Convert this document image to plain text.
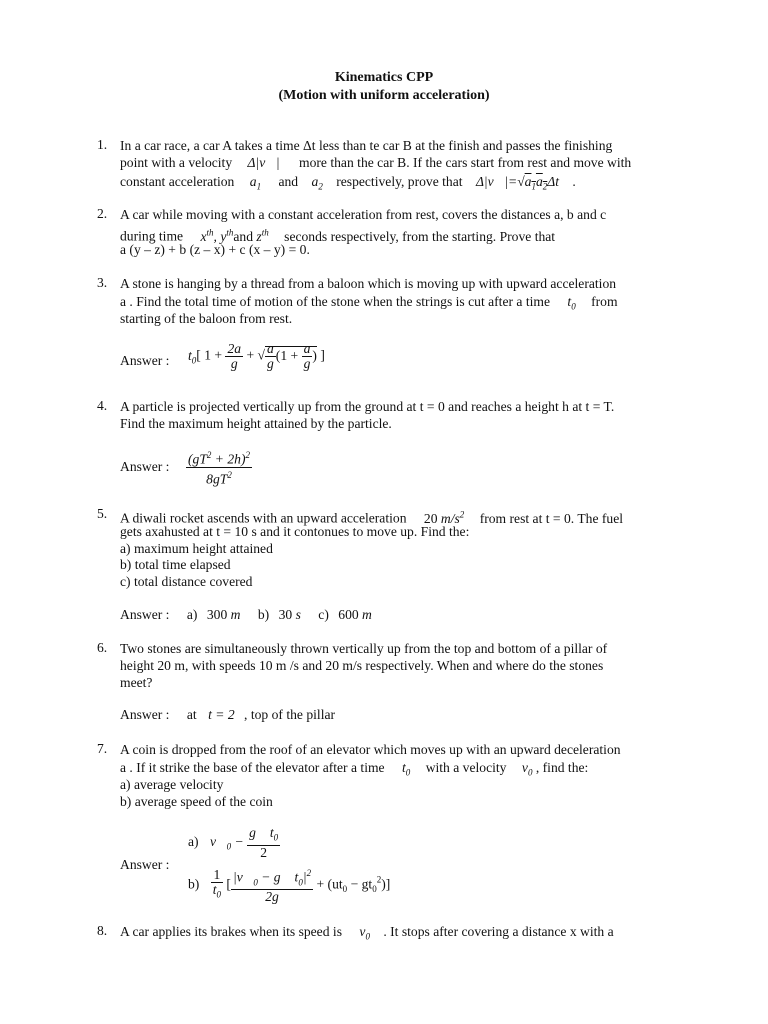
Kinematics CPP
(Motion with uniform acceleration)
1. In a car race, a car A takes a time Δt less than te car B at the finish and passes the finishing
point with a velocity Δ|v⃗| more than the car B. If the cars start from rest and move with
constant acceleration $a_1$ and $a_2$ respectively, prove that $\Delta|v⃗|=√a_1a_2\Delta t$ .
2. A car while moving with a constant acceleration from rest, covers the distances a, b and c
during time $x^{th}$, $y^{th}and$ $z^{th}$ seconds respectively, from the starting. Prove that
a (y – z) + b (z – x) + c (x – y) = 0.
3. A stone is hanging by a thread from a baloon which is moving up with upward acceleration
a . Find the total time of motion of the stone when the strings is cut after a time $t_0$ from
starting of the baloon from rest.
Answer : $t_0$[ $1 + \frac{2a}{g}$ + √ $\frac{a}{g} (1 + \frac{a}{g}$ ) ]
4. A particle is projected vertically up from the ground at t = 0 and reaches a height h at t = T.
Find the maximum height attained by the particle.
Answer : $\frac{(gT^2 + 2h)^2}{8gT^2}$
5. A diwali rocket ascends with an upward acceleration 20 $m/s^2$ from rest at t = 0. The fuel
gets axahusted at t = 10 s and it contonues to move up. Find the:
a) maximum height attained
b) total time elapsed
c) total distance covered
Answer : a) 300 m b) 30 s c) 600 m
6. Two stones are simultaneously thrown vertically up from the top and bottom of a pillar of
height 20 m, with speeds 10 m /s and 20 m/s respectively. When and where do the stones
meet?
Answer : at t = 2 , top of the pillar
7. A coin is dropped from the roof of an elevator which moves up with an upward deceleration
a . If it strike the base of the elevator after a time $t_0$ with a velocity $v_0$ , find the:
a) average velocity
b) average speed of the coin
Answer :
a) $v⃗_0 - \frac{g⃗ t_0}{2}$
$b) \frac{1}{t_0}$ [ $\frac{|v⃗_0 - g⃗ t_0|^2}{2g} + (ut_0 - gt_0^2)$]
8. A car applies its brakes when its speed is $v_0$ . It stops after covering a distance x with a
